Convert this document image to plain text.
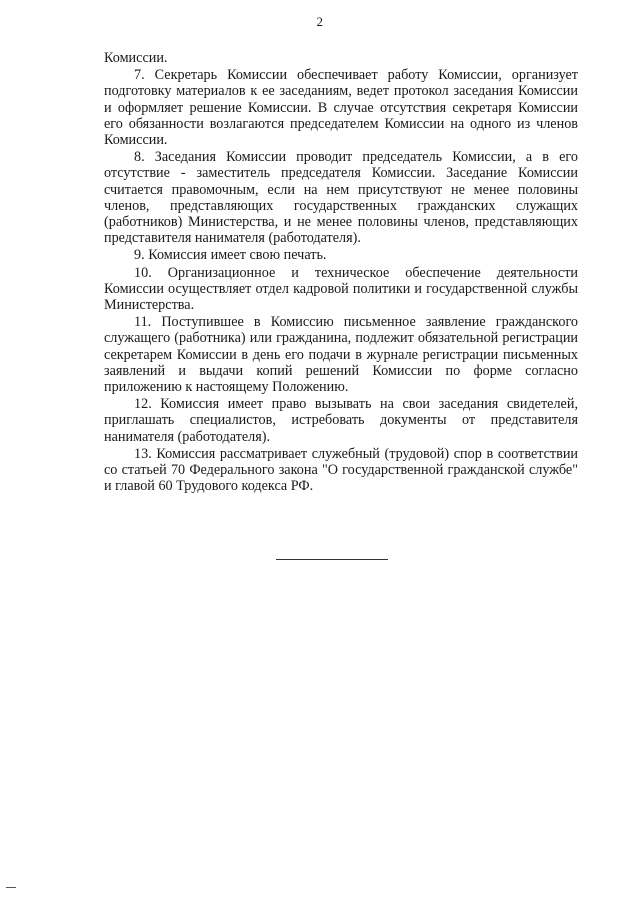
2

Комиссии.

7. Секретарь Комиссии обеспечивает работу Комиссии, организует подготовку материалов к ее заседаниям, ведет протокол заседания Комиссии и оформляет решение Комиссии. В случае отсутствия секретаря Комиссии его обязанности возлагаются председателем Комиссии на одного из членов Комиссии.

8. Заседания Комиссии проводит председатель Комиссии, а в его отсутствие - заместитель председателя Комиссии. Заседание Комиссии считается правомочным, если на нем присутствуют не менее половины членов, представляющих государственных гражданских служащих (работников) Министерства, и не менее половины членов, представляющих представителя нанимателя (работодателя).

9. Комиссия имеет свою печать.

10. Организационное и техническое обеспечение деятельности Комиссии осуществляет отдел кадровой политики и государственной службы Министерства.

11. Поступившее в Комиссию письменное заявление гражданского служащего (работника) или гражданина, подлежит обязательной регистрации секретарем Комиссии в день его подачи в журнале регистрации письменных заявлений и выдачи копий решений Комиссии по форме согласно приложению к настоящему Положению.

12. Комиссия имеет право вызывать на свои заседания свидетелей, приглашать специалистов, истребовать документы от представителя нанимателя (работодателя).

13. Комиссия рассматривает служебный (трудовой) спор в соответствии со статьей 70 Федерального закона "О государственной гражданской службе" и главой 60 Трудового кодекса РФ.
